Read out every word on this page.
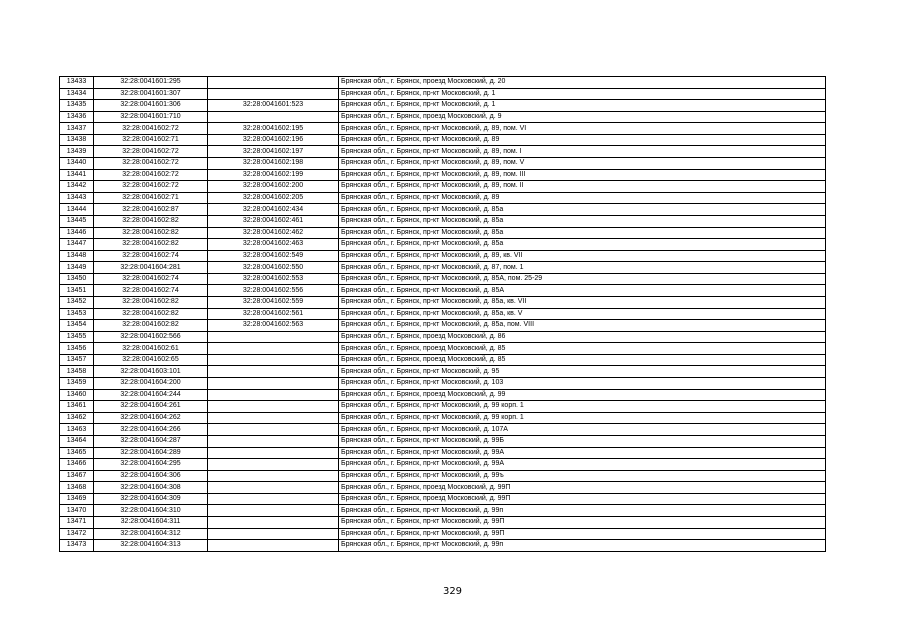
13433	32:28:0041601:295		Брянская обл., г. Брянск, проезд Московский, д. 20
13434	32:28:0041601:307		Брянская обл., г. Брянск, пр-кт Московский, д. 1
13435	32:28:0041601:306	32:28:0041601:523	Брянская обл., г. Брянск, пр-кт Московский, д. 1
13436	32:28:0041601:710		Брянская обл., г. Брянск, проезд Московский, д. 9
13437	32:28:0041602:72	32:28:0041602:195	Брянская обл., г. Брянск, пр-кт Московский, д. 89, пом. VI
13438	32:28:0041602:71	32:28:0041602:196	Брянская обл., г. Брянск, пр-кт Московский, д. 89
13439	32:28:0041602:72	32:28:0041602:197	Брянская обл., г. Брянск, пр-кт Московский, д. 89, пом. I
13440	32:28:0041602:72	32:28:0041602:198	Брянская обл., г. Брянск, пр-кт Московский, д. 89, пом. V
13441	32:28:0041602:72	32:28:0041602:199	Брянская обл., г. Брянск, пр-кт Московский, д. 89, пом. III
13442	32:28:0041602:72	32:28:0041602:200	Брянская обл., г. Брянск, пр-кт Московский, д. 89, пом. II
13443	32:28:0041602:71	32:28:0041602:205	Брянская обл., г. Брянск, пр-кт Московский, д. 89
13444	32:28:0041602:87	32:28:0041602:434	Брянская обл., г. Брянск, пр-кт Московский, д. 85а
13445	32:28:0041602:82	32:28:0041602:461	Брянская обл., г. Брянск, пр-кт Московский, д. 85а
13446	32:28:0041602:82	32:28:0041602:462	Брянская обл., г. Брянск, пр-кт Московский, д. 85а
13447	32:28:0041602:82	32:28:0041602:463	Брянская обл., г. Брянск, пр-кт Московский, д. 85а
13448	32:28:0041602:74	32:28:0041602:549	Брянская обл., г. Брянск, пр-кт Московский, д. 89, кв. VII
13449	32:28:0041604:281	32:28:0041602:550	Брянская обл., г. Брянск, пр-кт Московский, д. 87, пом. 1
13450	32:28:0041602:74	32:28:0041602:553	Брянская обл., г. Брянск, пр-кт Московский, д. 85А, пом. 25-29
13451	32:28:0041602:74	32:28:0041602:556	Брянская обл., г. Брянск, пр-кт Московский, д. 85А
13452	32:28:0041602:82	32:28:0041602:559	Брянская обл., г. Брянск, пр-кт Московский, д. 85а, кв. VII
13453	32:28:0041602:82	32:28:0041602:561	Брянская обл., г. Брянск, пр-кт Московский, д. 85а, кв. V
13454	32:28:0041602:82	32:28:0041602:563	Брянская обл., г. Брянск, пр-кт Московский, д. 85а, пом. VIII
13455	32:28:0041602:566		Брянская обл., г. Брянск, проезд Московский, д. 86
13456	32:28:0041602:61		Брянская обл., г. Брянск, проезд Московский, д. 85
13457	32:28:0041602:65		Брянская обл., г. Брянск, проезд Московский, д. 85
13458	32:28:0041603:101		Брянская обл., г. Брянск, пр-кт Московский, д. 95
13459	32:28:0041604:200		Брянская обл., г. Брянск, пр-кт Московский, д. 103
13460	32:28:0041604:244		Брянская обл., г. Брянск, проезд Московский, д. 99
13461	32:28:0041604:261		Брянская обл., г. Брянск, пр-кт Московский, д. 99 корп. 1
13462	32:28:0041604:262		Брянская обл., г. Брянск, пр-кт Московский, д. 99 корп. 1
13463	32:28:0041604:266		Брянская обл., г. Брянск, пр-кт Московский, д. 107А
13464	32:28:0041604:287		Брянская обл., г. Брянск, пр-кт Московский, д. 99Б
13465	32:28:0041604:289		Брянская обл., г. Брянск, пр-кт Московский, д. 99А
13466	32:28:0041604:295		Брянская обл., г. Брянск, пр-кт Московский, д. 99А
13467	32:28:0041604:306		Брянская обл., г. Брянск, пр-кт Московский, д. 99ъ
13468	32:28:0041604:308		Брянская обл., г. Брянск, проезд Московский, д. 99П
13469	32:28:0041604:309		Брянская обл., г. Брянск, проезд Московский, д. 99П
13470	32:28:0041604:310		Брянская обл., г. Брянск, пр-кт Московский, д. 99п
13471	32:28:0041604:311		Брянская обл., г. Брянск, пр-кт Московский, д. 99П
13472	32:28:0041604:312		Брянская обл., г. Брянск, пр-кт Московский, д. 99П
13473	32:28:0041604:313		Брянская обл., г. Брянск, пр-кт Московский, д. 99п
329
